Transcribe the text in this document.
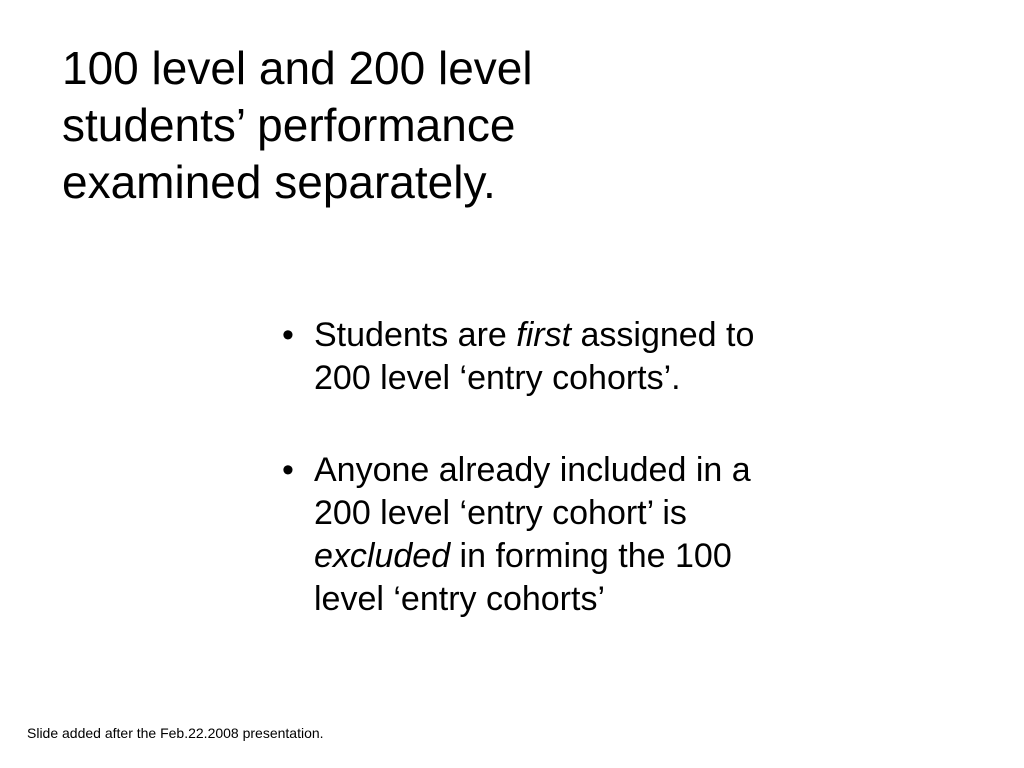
100 level and 200 level
students’ performance
examined separately.
• Students are first assigned to
200 level ‘entry cohorts’.
• Anyone already included in a
200 level ‘entry cohort’ is
excluded in forming the 100
level ‘entry cohorts’
Slide added after the Feb.22.2008 presentation.
